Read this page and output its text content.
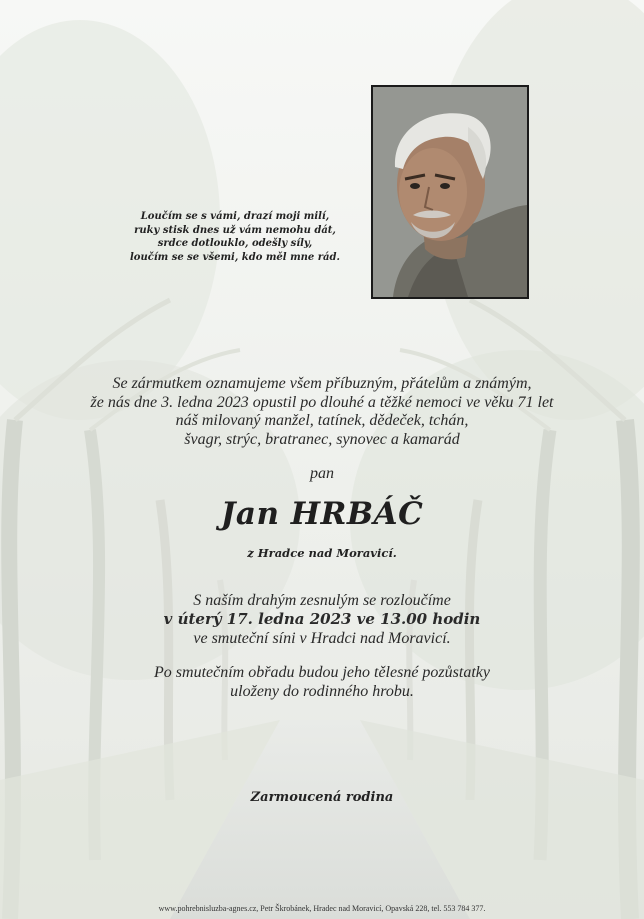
Loučím se s vámi, drazí moji milí,
ruky stisk dnes už vám nemohu dát,
srdce dotlouklo, odešly síly,
loučím se se všemi, kdo měl mne rád.
Se zármutkem oznamujeme všem příbuzným, přátelům a známým,
že nás dne 3. ledna 2023 opustil po dlouhé a těžké nemoci ve věku 71 let
náš milovaný manžel, tatínek, dědeček, tchán,
švagr, strýc, bratranec, synovec a kamarád
pan
Jan HRBÁČ
z Hradce nad Moravicí.
S naším drahým zesnulým se rozloučíme
v úterý 17. ledna 2023 ve 13.00 hodin
ve smuteční síni v Hradci nad Moravicí.
Po smutečním obřadu budou jeho tělesné pozůstatky
uloženy do rodinného hrobu.
Zarmoucená rodina
www.pohrebnisluzba-agnes.cz, Petr Škrobánek, Hradec nad Moravicí, Opavská 228, tel. 553 784 377.
